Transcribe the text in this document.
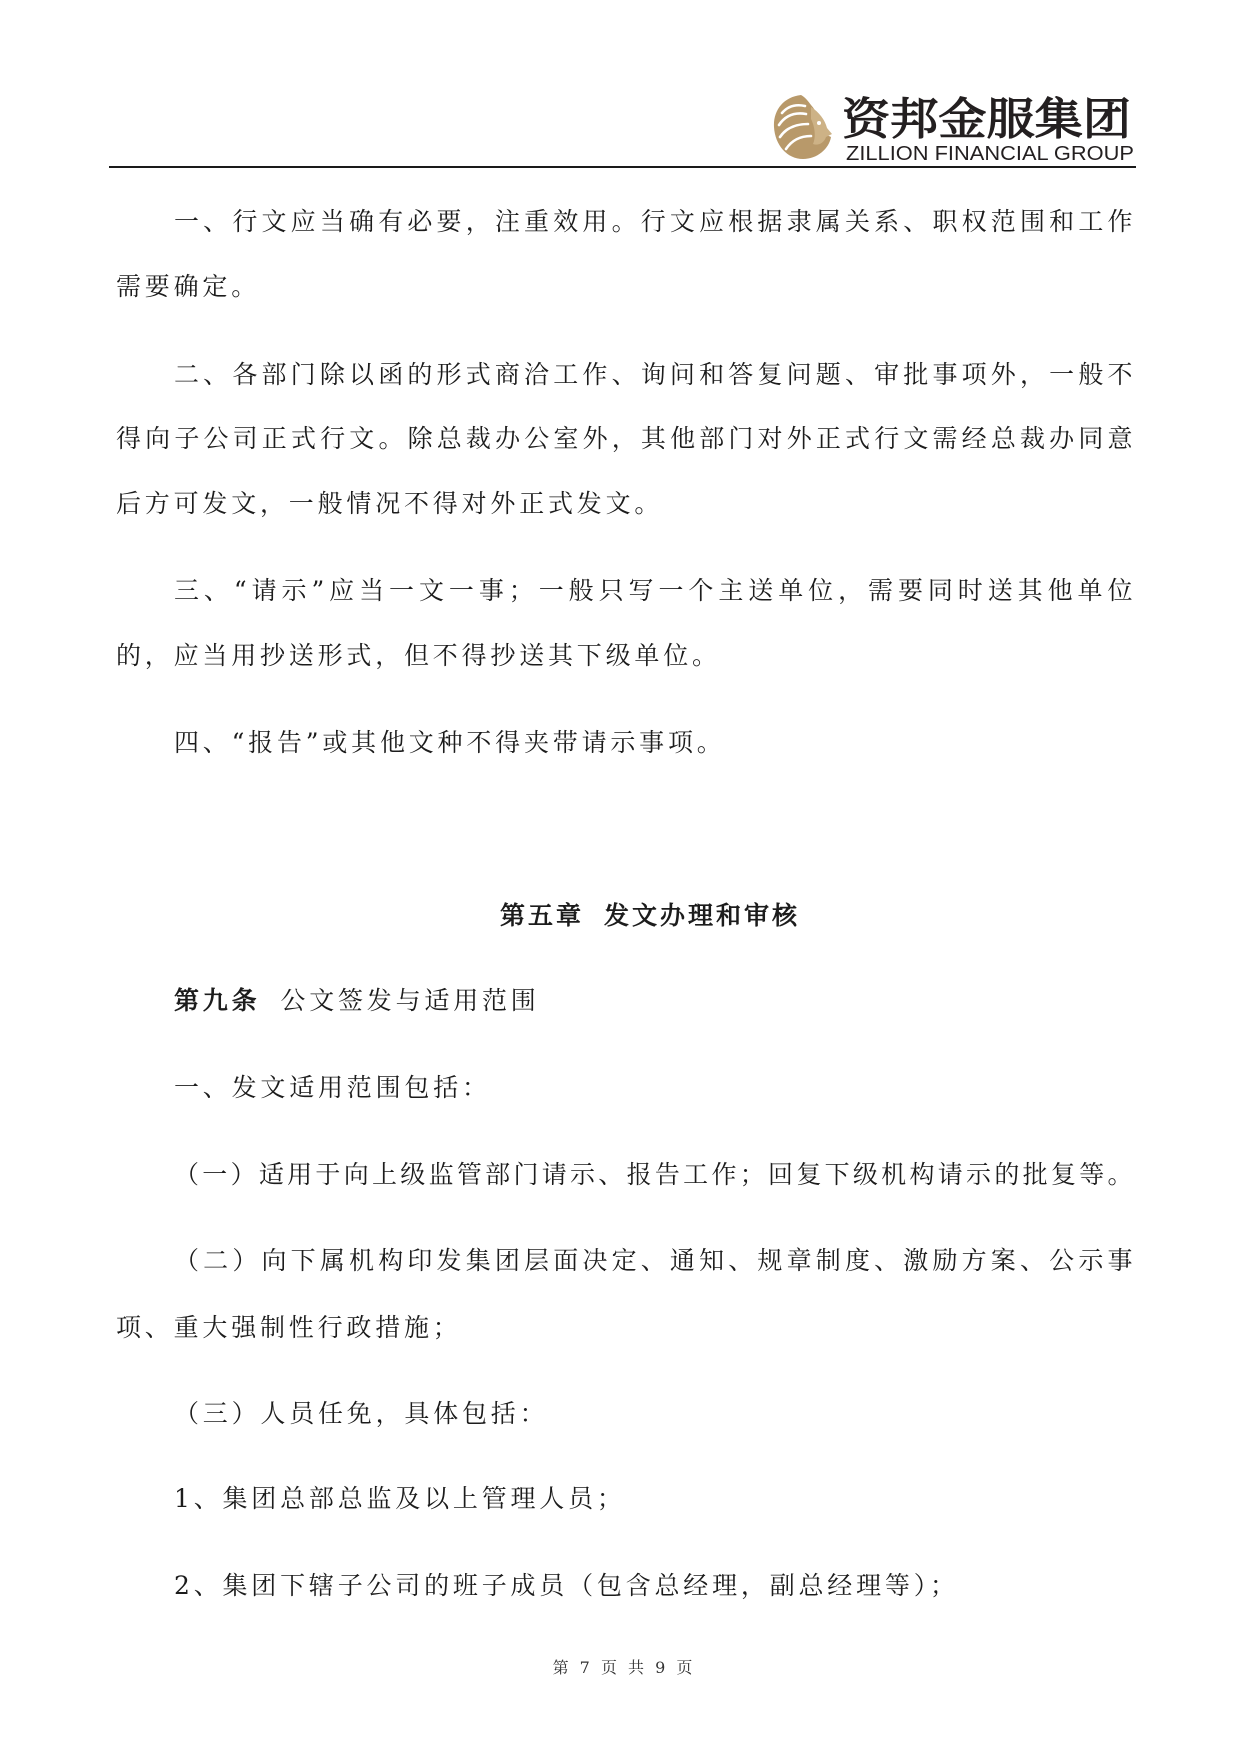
资邦金服集团
ZILLION FINANCIAL GROUP
一、行文应当确有必要，注重效用。行文应根据隶属关系、职权范围和工作
需要确定。
二、各部门除以函的形式商洽工作、询问和答复问题、审批事项外，一般不
得向子公司正式行文。除总裁办公室外，其他部门对外正式行文需经总裁办同意
后方可发文，一般情况不得对外正式发文。
三、“请示”应当一文一事；一般只写一个主送单位，需要同时送其他单位
的，应当用抄送形式，但不得抄送其下级单位。
四、“报告”或其他文种不得夹带请示事项。
第五章 发文办理和审核
第九条 公文签发与适用范围
一、发文适用范围包括：
（一）适用于向上级监管部门请示、报告工作；回复下级机构请示的批复等。
（二）向下属机构印发集团层面决定、通知、规章制度、激励方案、公示事
项、重大强制性行政措施；
（三）人员任免，具体包括：
1、集团总部总监及以上管理人员；
2、集团下辖子公司的班子成员（包含总经理，副总经理等）；
第 7 页 共 9 页
